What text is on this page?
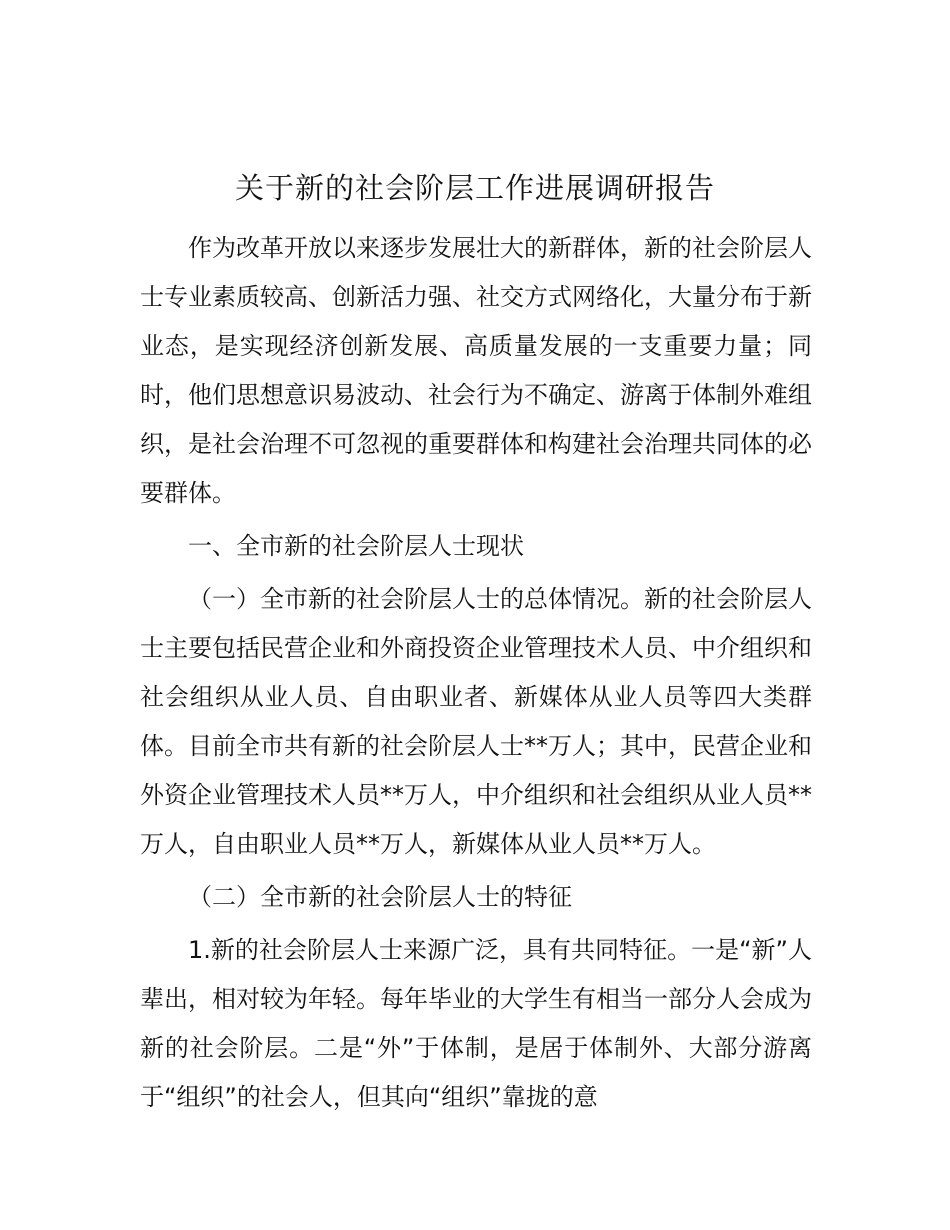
关于新的社会阶层工作进展调研报告

作为改革开放以来逐步发展壮大的新群体，新的社会阶层人士专业素质较高、创新活力强、社交方式网络化，大量分布于新业态，是实现经济创新发展、高质量发展的一支重要力量；同时，他们思想意识易波动、社会行为不确定、游离于体制外难组织，是社会治理不可忽视的重要群体和构建社会治理共同体的必要群体。

一、全市新的社会阶层人士现状

（一）全市新的社会阶层人士的总体情况。新的社会阶层人士主要包括民营企业和外商投资企业管理技术人员、中介组织和社会组织从业人员、自由职业者、新媒体从业人员等四大类群体。目前全市共有新的社会阶层人士**万人；其中，民营企业和外资企业管理技术人员**万人，中介组织和社会组织从业人员**万人，自由职业人员**万人，新媒体从业人员**万人。

（二）全市新的社会阶层人士的特征

1.新的社会阶层人士来源广泛，具有共同特征。一是“新”人辈出，相对较为年轻。每年毕业的大学生有相当一部分人会成为新的社会阶层。二是“外”于体制，是居于体制外、大部分游离于“组织”的社会人，但其向“组织”靠拢的意
